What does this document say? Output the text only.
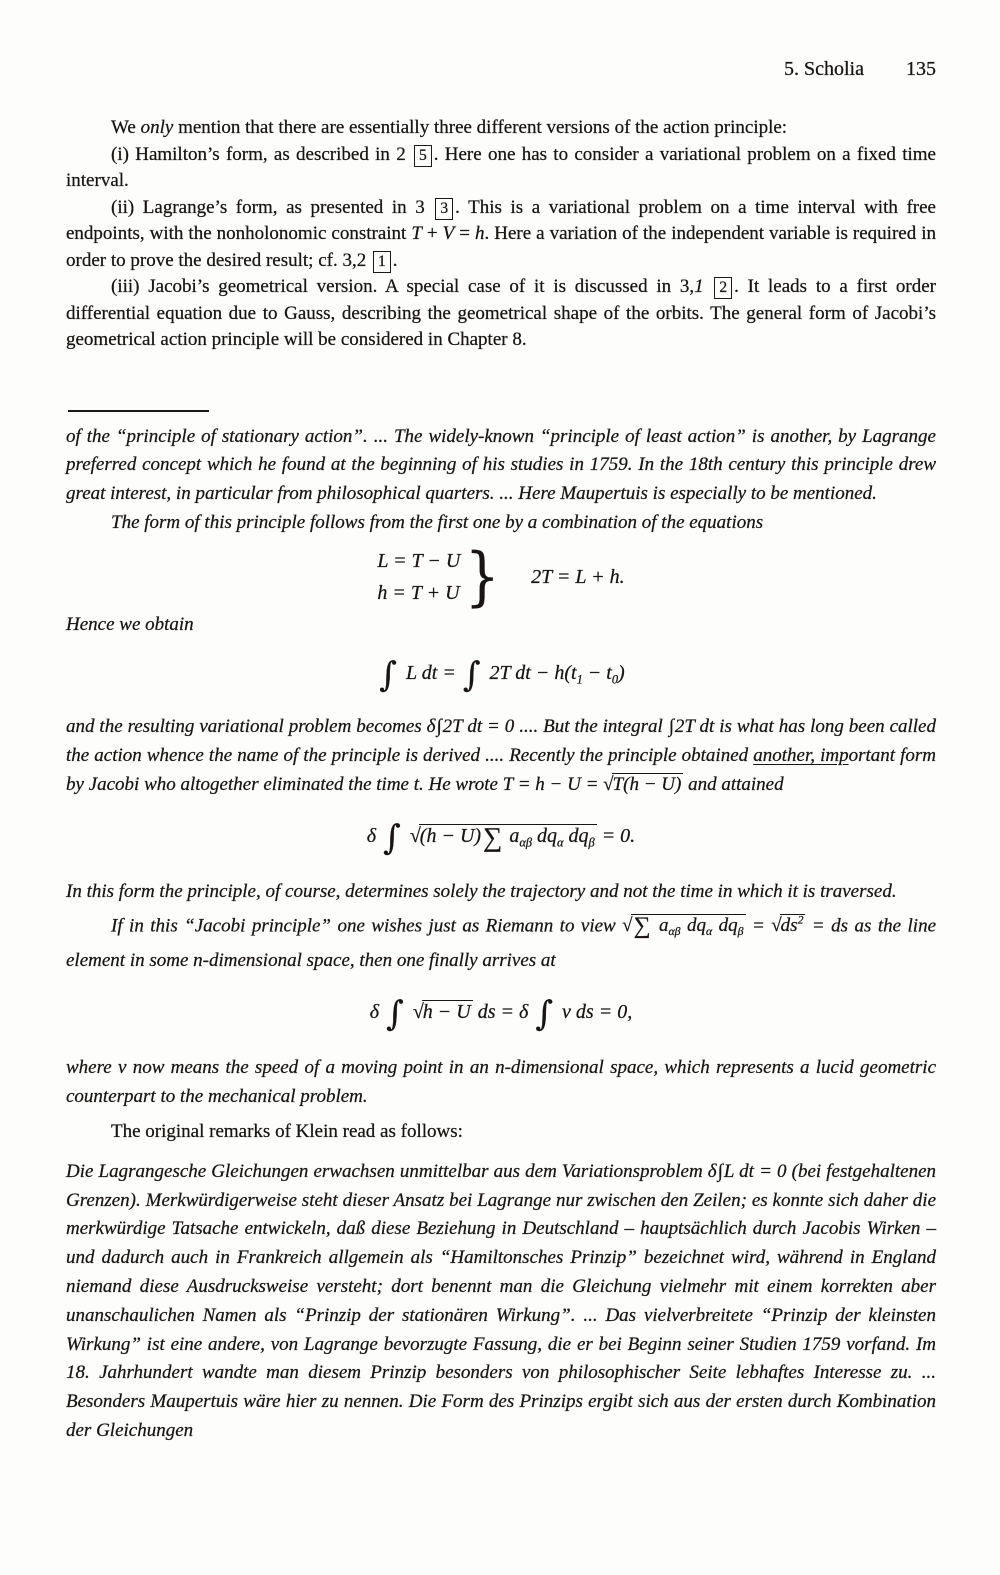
5. Scholia 135

We only mention that there are essentially three different versions of the action principle:

(i) Hamilton’s form, as described in 2 5 . Here one has to consider a variational problem on a fixed time interval.

(ii) Lagrange’s form, as presented in 3 3 . This is a variational problem on a time interval with free endpoints, with the nonholonomic constraint T + V = h. Here a variation of the independent variable is required in order to prove the desired result; cf. 3,2 1 .

(iii) Jacobi’s geometrical version. A special case of it is discussed in 3,1 2 . It leads to a first order differential equation due to Gauss, describing the geometrical shape of the orbits. The general form of Jacobi’s geometrical action principle will be considered in Chapter 8.

of the “principle of stationary action”. ... The widely-known “principle of least action” is another, by Lagrange preferred concept which he found at the beginning of his studies in 1759. In the 18th century this principle drew great interest, in particular from philosophical quarters. ... Here Maupertuis is especially to be mentioned.

The form of this principle follows from the first one by a combination of the equations

L = T − U
h = T + U } 2T = L + h.

Hence we obtain

∫ L dt = ∫ 2T dt − $h(t_1 - t_0)$

and the resulting variational problem becomes δ∫2T dt = 0 .... But the integral ∫2T dt is what has long been called the action whence the name of the principle is derived .... Recently the principle obtained another, important form by Jacobi who altogether eliminated the time t. He wrote T = h − U = √T(h − U) and attained

δ ∫ √(h − U)∑ $a_{\alpha\beta}$ $dq_\alpha$ $dq_\beta = 0$.

In this form the principle, of course, determines solely the trajectory and not the time in which it is traversed.

If in this “Jacobi principle” one wishes just as Riemann to view √∑ $a_{\alpha\beta}$ $dq_\alpha$ $dq_\beta = √ds^2$ = ds as the line element in some n-dimensional space, then one finally arrives at

δ ∫ √h − U ds = δ ∫ v ds = 0,

where v now means the speed of a moving point in an n-dimensional space, which represents a lucid geometric counterpart to the mechanical problem.

The original remarks of Klein read as follows:

Die Lagrangesche Gleichungen erwachsen unmittelbar aus dem Variationsproblem δ∫L dt = 0 (bei festgehaltenen Grenzen). Merkwürdigerweise steht dieser Ansatz bei Lagrange nur zwischen den Zeilen; es konnte sich daher die merkwürdige Tatsache entwickeln, daß diese Beziehung in Deutschland – hauptsächlich durch Jacobis Wirken – und dadurch auch in Frankreich allgemein als “Hamiltonsches Prinzip” bezeichnet wird, während in England niemand diese Ausdrucksweise versteht; dort benennt man die Gleichung vielmehr mit einem korrekten aber unanschaulichen Namen als “Prinzip der stationären Wirkung”. ... Das vielverbreitete “Prinzip der kleinsten Wirkung” ist eine andere, von Lagrange bevorzugte Fassung, die er bei Beginn seiner Studien 1759 vorfand. Im 18. Jahrhundert wandte man diesem Prinzip besonders von philosophischer Seite lebhaftes Interesse zu. ... Besonders Maupertuis wäre hier zu nennen. Die Form des Prinzips ergibt sich aus der ersten durch Kombination der Gleichungen
